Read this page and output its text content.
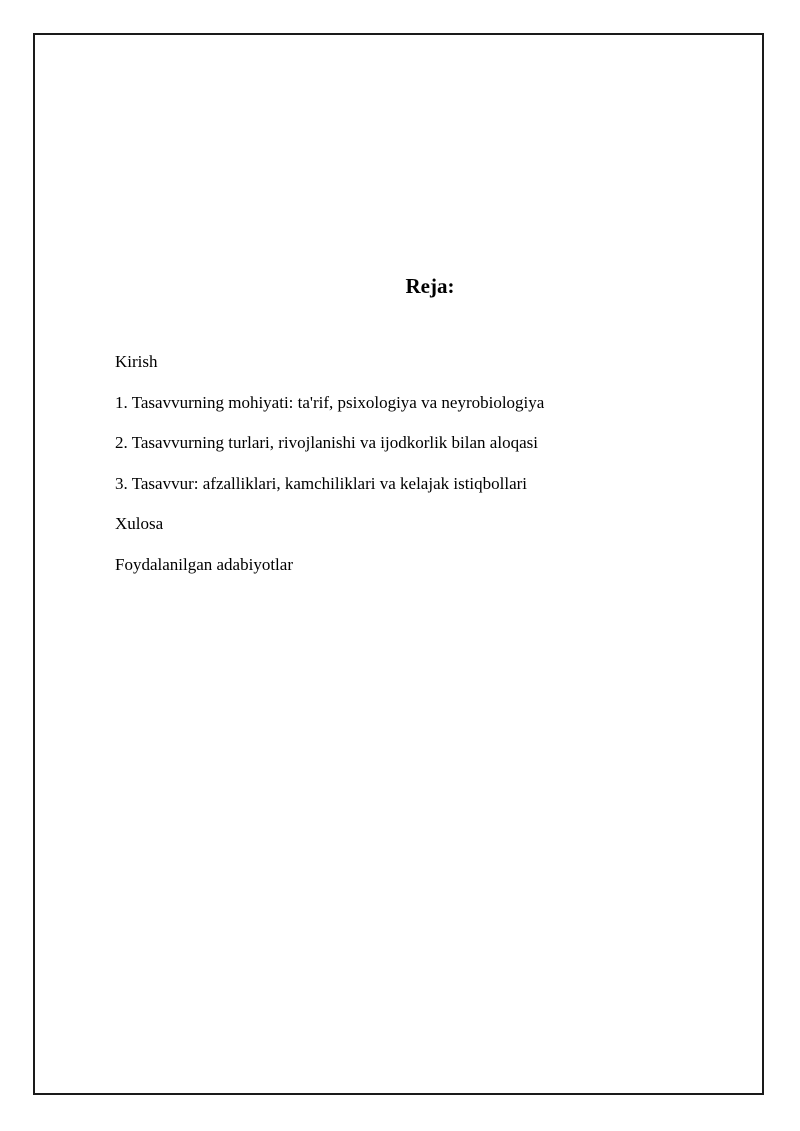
Reja:
Kirish
1. Tasavvurning mohiyati: ta'rif, psixologiya va neyrobiologiya
2. Tasavvurning turlari, rivojlanishi va ijodkorlik bilan aloqasi
3. Tasavvur: afzalliklari, kamchiliklari va kelajak istiqbollari
Xulosa
Foydalanilgan adabiyotlar
